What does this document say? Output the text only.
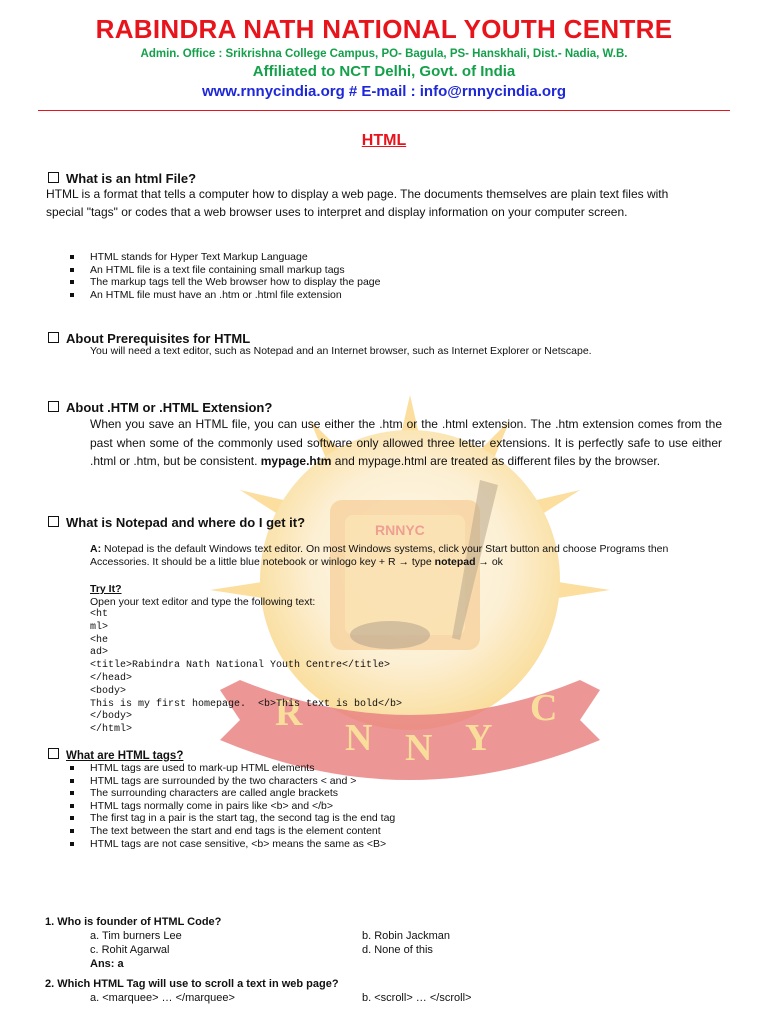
R
N N Y
C
RNNYC
RABINDRA NATH NATIONAL YOUTH CENTRE
Admin. Office : Srikrishna College Campus, PO- Bagula, PS- Hanskhali, Dist.- Nadia, W.B.
Affiliated to NCT Delhi, Govt. of India
www.rnnycindia.org # E-mail : info@rnnycindia.org
HTML
What is an html File?
HTML is a format that tells a computer how to display a web page. The documents themselves are plain text files with special "tags" or codes that a web browser uses to interpret and display information on your computer screen.
HTML stands for Hyper Text Markup Language
An HTML file is a text file containing small markup tags
The markup tags tell the Web browser how to display the page
An HTML file must have an .htm or .html file extension
About Prerequisites for HTML
You will need a text editor, such as Notepad and an Internet browser, such as Internet Explorer or Netscape.
About .HTM or .HTML Extension?
When you save an HTML file, you can use either the .htm or the .html extension. The .htm extension comes from the past when some of the commonly used software only allowed three letter extensions. It is perfectly safe to use either .html or .htm, but be consistent. mypage.htm and mypage.html are treated as different files by the browser.
What is Notepad and where do I get it?
A: Notepad is the default Windows text editor. On most Windows systems, click your Start button and choose Programs then Accessories. It should be a little blue notebook or winlogo key + R → type notepad → ok
Try It?
Open your text editor and type the following text:
<ht
ml>
<he
ad>
<title>Rabindra Nath National Youth Centre</title>
</head>
<body>
This is my first homepage.  <b>This text is bold</b>
</body>
</html>
What are HTML tags?
HTML tags are used to mark-up HTML elements
HTML tags are surrounded by the two characters < and >
The surrounding characters are called angle brackets
HTML tags normally come in pairs like <b> and </b>
The first tag in a pair is the start tag, the second tag is the end tag
The text between the start and end tags is the element content
HTML tags are not case sensitive, <b> means the same as <B>
1. Who is founder of HTML Code?
a. Tim burners Lee	b. Robin Jackman
c. Rohit Agarwal	d. None of this
Ans: a
2. Which HTML Tag will use to scroll a text in web page?
a. <marquee> … </marquee>	b. <scroll> … </scroll>
